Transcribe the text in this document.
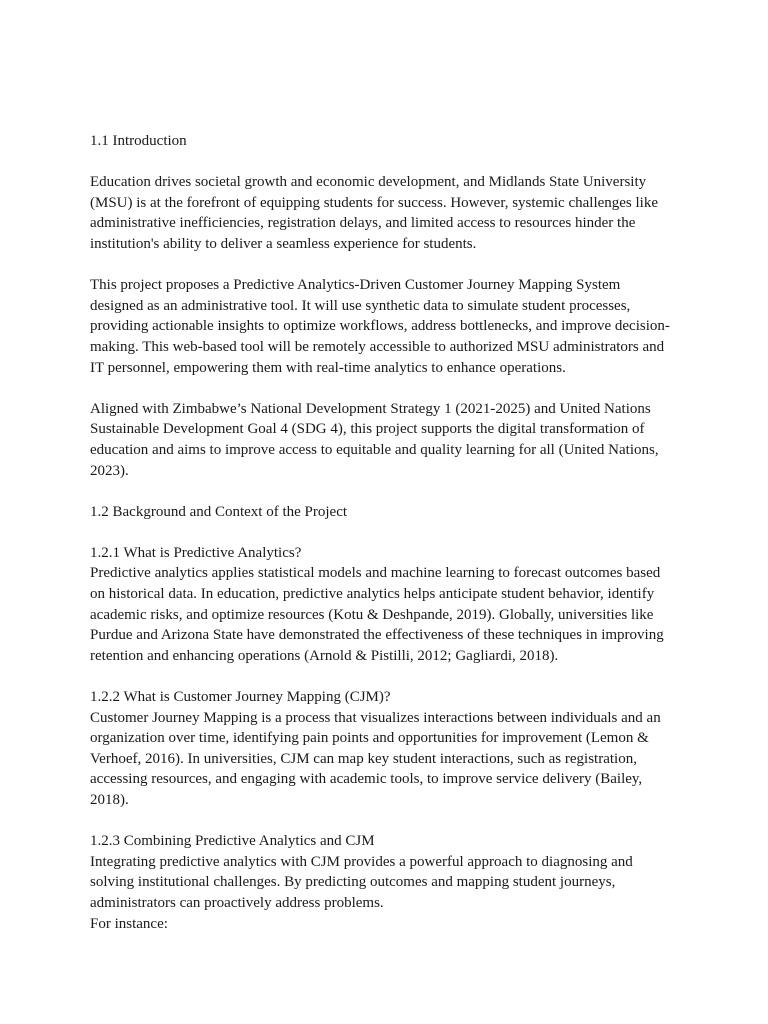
1.1 Introduction
Education drives societal growth and economic development, and Midlands State University
(MSU) is at the forefront of equipping students for success. However, systemic challenges like
administrative inefficiencies, registration delays, and limited access to resources hinder the
institution's ability to deliver a seamless experience for students.
This project proposes a Predictive Analytics-Driven Customer Journey Mapping System
designed as an administrative tool. It will use synthetic data to simulate student processes,
providing actionable insights to optimize workflows, address bottlenecks, and improve decision-
making. This web-based tool will be remotely accessible to authorized MSU administrators and
IT personnel, empowering them with real-time analytics to enhance operations.
Aligned with Zimbabwe’s National Development Strategy 1 (2021-2025) and United Nations
Sustainable Development Goal 4 (SDG 4), this project supports the digital transformation of
education and aims to improve access to equitable and quality learning for all (United Nations,
2023).
1.2 Background and Context of the Project
1.2.1 What is Predictive Analytics?
Predictive analytics applies statistical models and machine learning to forecast outcomes based
on historical data. In education, predictive analytics helps anticipate student behavior, identify
academic risks, and optimize resources (Kotu & Deshpande, 2019). Globally, universities like
Purdue and Arizona State have demonstrated the effectiveness of these techniques in improving
retention and enhancing operations (Arnold & Pistilli, 2012; Gagliardi, 2018).
1.2.2 What is Customer Journey Mapping (CJM)?
Customer Journey Mapping is a process that visualizes interactions between individuals and an
organization over time, identifying pain points and opportunities for improvement (Lemon &
Verhoef, 2016). In universities, CJM can map key student interactions, such as registration,
accessing resources, and engaging with academic tools, to improve service delivery (Bailey,
2018).
1.2.3 Combining Predictive Analytics and CJM
Integrating predictive analytics with CJM provides a powerful approach to diagnosing and
solving institutional challenges. By predicting outcomes and mapping student journeys,
administrators can proactively address problems.
For instance:
